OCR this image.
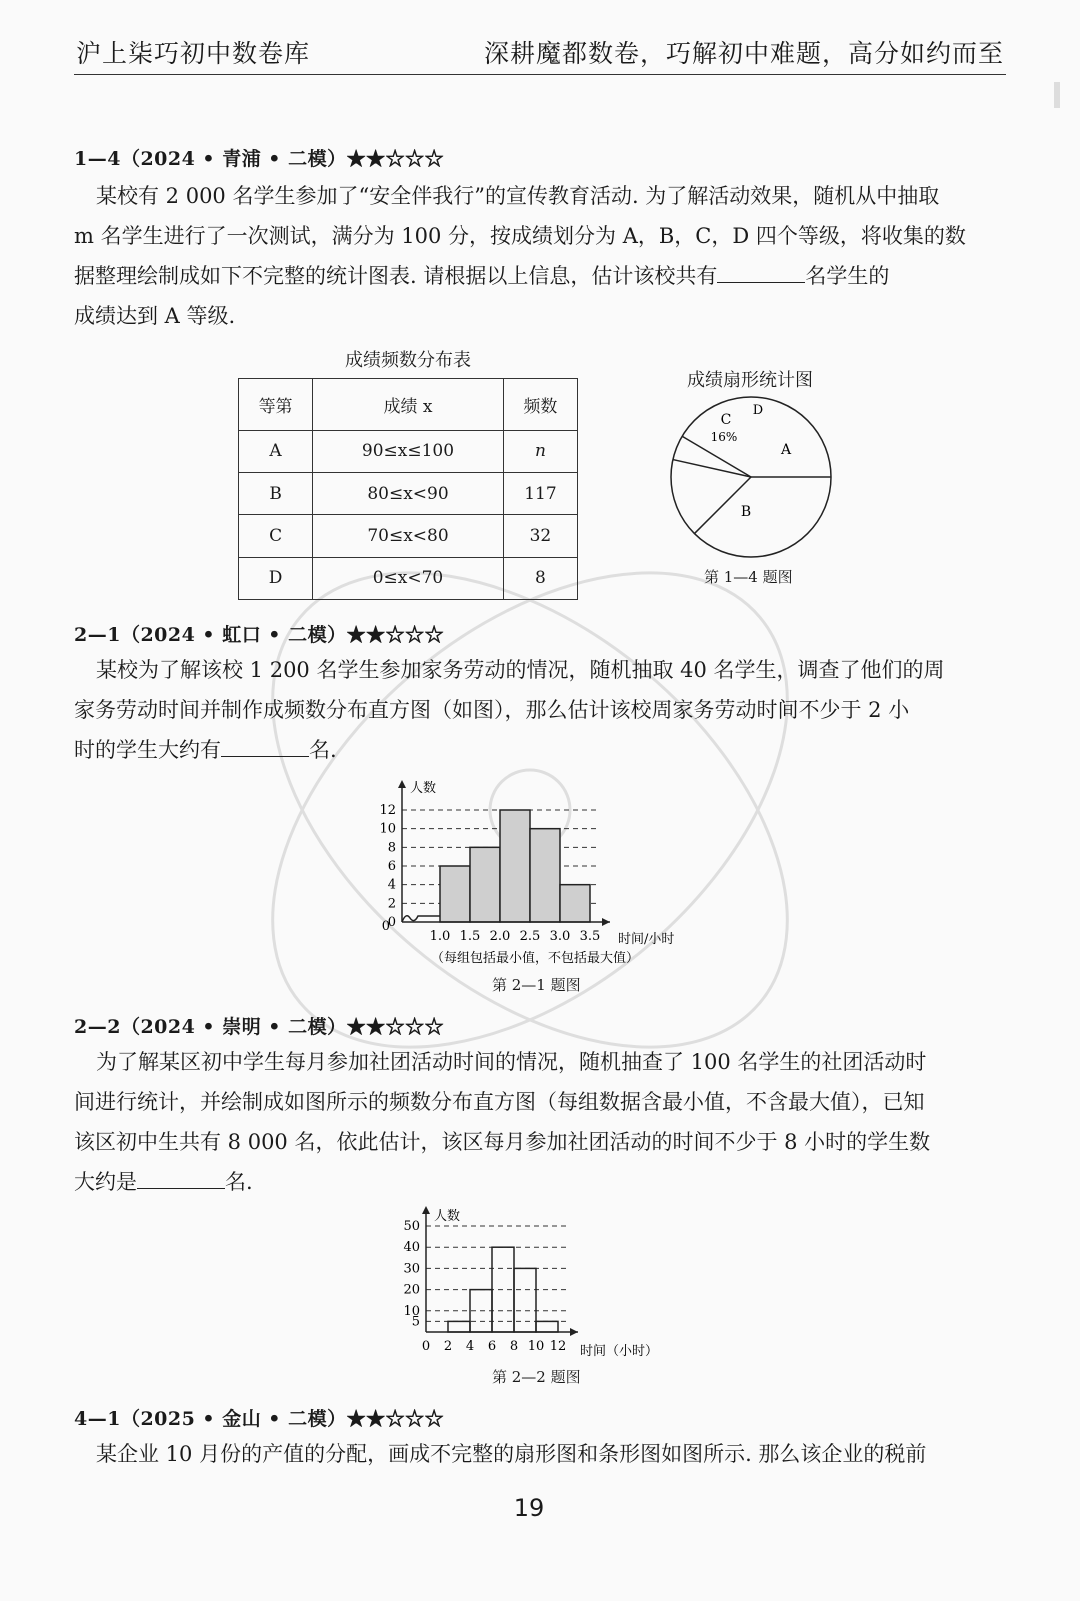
沪上柒巧初中数卷库	深耕魔都数卷，巧解初中难题，高分如约而至
1—4（2024 • 青浦 • 二模）★★☆☆☆
某校有 2 000 名学生参加了“安全伴我行”的宣传教育活动. 为了解活动效果，随机从中抽取
m 名学生进行了一次测试，满分为 100 分，按成绩划分为 A，B，C，D 四个等级，将收集的数
据整理绘制成如下不完整的统计图表. 请根据以上信息，估计该校共有	名学生的
成绩达到 A 等级.
成绩频数分布表
等第	成绩 x	频数
A	90≤x≤100	n
B	80≤x<90	117
C	70≤x<80	32
D	0≤x<70	8
成绩扇形统计图
A
B
C
16%
D
第 1—4 题图
2—1（2024 • 虹口 • 二模）★★☆☆☆
某校为了解该校 1 200 名学生参加家务劳动的情况，随机抽取 40 名学生，调查了他们的周
家务劳动时间并制作成频数分布直方图（如图），那么估计该校周家务劳动时间不少于 2 小
时的学生大约有	名.
人数
时间/小时
（每组包括最小值，不包括最大值）
0
2
4
6
8
10
12
1.0 1.5 2.0 2.5 3.0 3.5
0
第 2—1 题图
2—2（2024 • 崇明 • 二模）★★☆☆☆
为了解某区初中学生每月参加社团活动时间的情况，随机抽查了 100 名学生的社团活动时
间进行统计，并绘制成如图所示的频数分布直方图（每组数据含最小值，不含最大值），已知
该区初中生共有 8 000 名，依此估计，该区每月参加社团活动的时间不少于 8 小时的学生数
大约是	名.
人数
时间（小时）
5
10
20
30
40
50
0 2 4 6 8 10 12
第 2—2 题图
4—1（2025 • 金山 • 二模）★★☆☆☆
某企业 10 月份的产值的分配，画成不完整的扇形图和条形图如图所示. 那么该企业的税前
19
